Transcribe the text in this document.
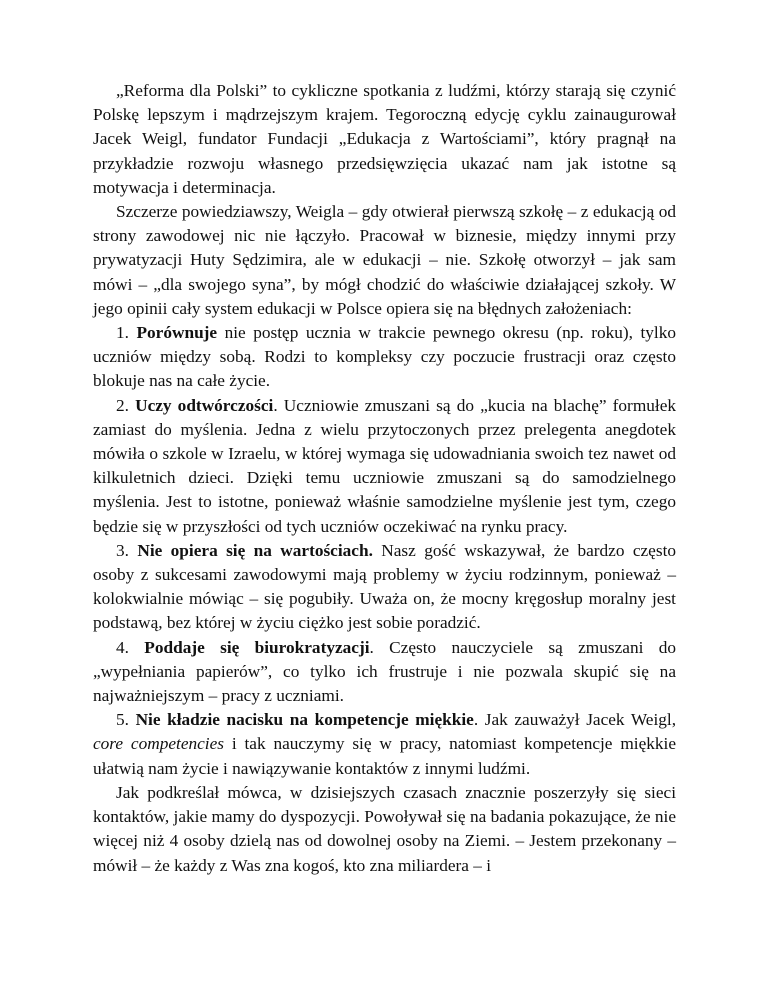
„Reforma dla Polski” to cykliczne spotkania z ludźmi, którzy starają się czynić Polskę lepszym i mądrzejszym krajem. Tegoroczną edycję cyklu zainaugurował Jacek Weigl, fundator Fundacji „Edukacja z Wartościami”, który pragnął na przykładzie rozwoju własnego przedsięwzięcia ukazać nam jak istotne są motywacja i determinacja.

Szczerze powiedziawszy, Weigla – gdy otwierał pierwszą szkołę – z edukacją od strony zawodowej nic nie łączyło. Pracował w biznesie, między innymi przy prywatyzacji Huty Sędzimira, ale w edukacji – nie. Szkołę otworzył – jak sam mówi – „dla swojego syna”, by mógł chodzić do właściwie działającej szkoły. W jego opinii cały system edukacji w Polsce opiera się na błędnych założeniach:

1. Porównuje nie postęp ucznia w trakcie pewnego okresu (np. roku), tylko uczniów między sobą. Rodzi to kompleksy czy poczucie frustracji oraz często blokuje nas na całe życie.

2. Uczy odtwórczości. Uczniowie zmuszani są do „kucia na blachę” formułek zamiast do myślenia. Jedna z wielu przytoczonych przez prelegenta anegdotek mówiła o szkole w Izraelu, w której wymaga się udowadniania swoich tez nawet od kilkuletnich dzieci. Dzięki temu uczniowie zmuszani są do samodzielnego myślenia. Jest to istotne, ponieważ właśnie samodzielne myślenie jest tym, czego będzie się w przyszłości od tych uczniów oczekiwać na rynku pracy.

3. Nie opiera się na wartościach. Nasz gość wskazywał, że bardzo często osoby z sukcesami zawodowymi mają problemy w życiu rodzinnym, ponieważ – kolokwialnie mówiąc – się pogubiły. Uważa on, że mocny kręgosłup moralny jest podstawą, bez której w życiu ciężko jest sobie poradzić.

4. Poddaje się biurokratyzacji. Często nauczyciele są zmuszani do „wypełniania papierów”, co tylko ich frustruje i nie pozwala skupić się na najważniejszym – pracy z uczniami.

5. Nie kładzie nacisku na kompetencje miękkie. Jak zauważył Jacek Weigl, core competencies i tak nauczymy się w pracy, natomiast kompetencje miękkie ułatwią nam życie i nawiązywanie kontaktów z innymi ludźmi.

Jak podkreślał mówca, w dzisiejszych czasach znacznie poszerzyły się sieci kontaktów, jakie mamy do dyspozycji. Powoływał się na badania pokazujące, że nie więcej niż 4 osoby dzielą nas od dowolnej osoby na Ziemi. – Jestem przekonany – mówił – że każdy z Was zna kogoś, kto zna miliardera – i
